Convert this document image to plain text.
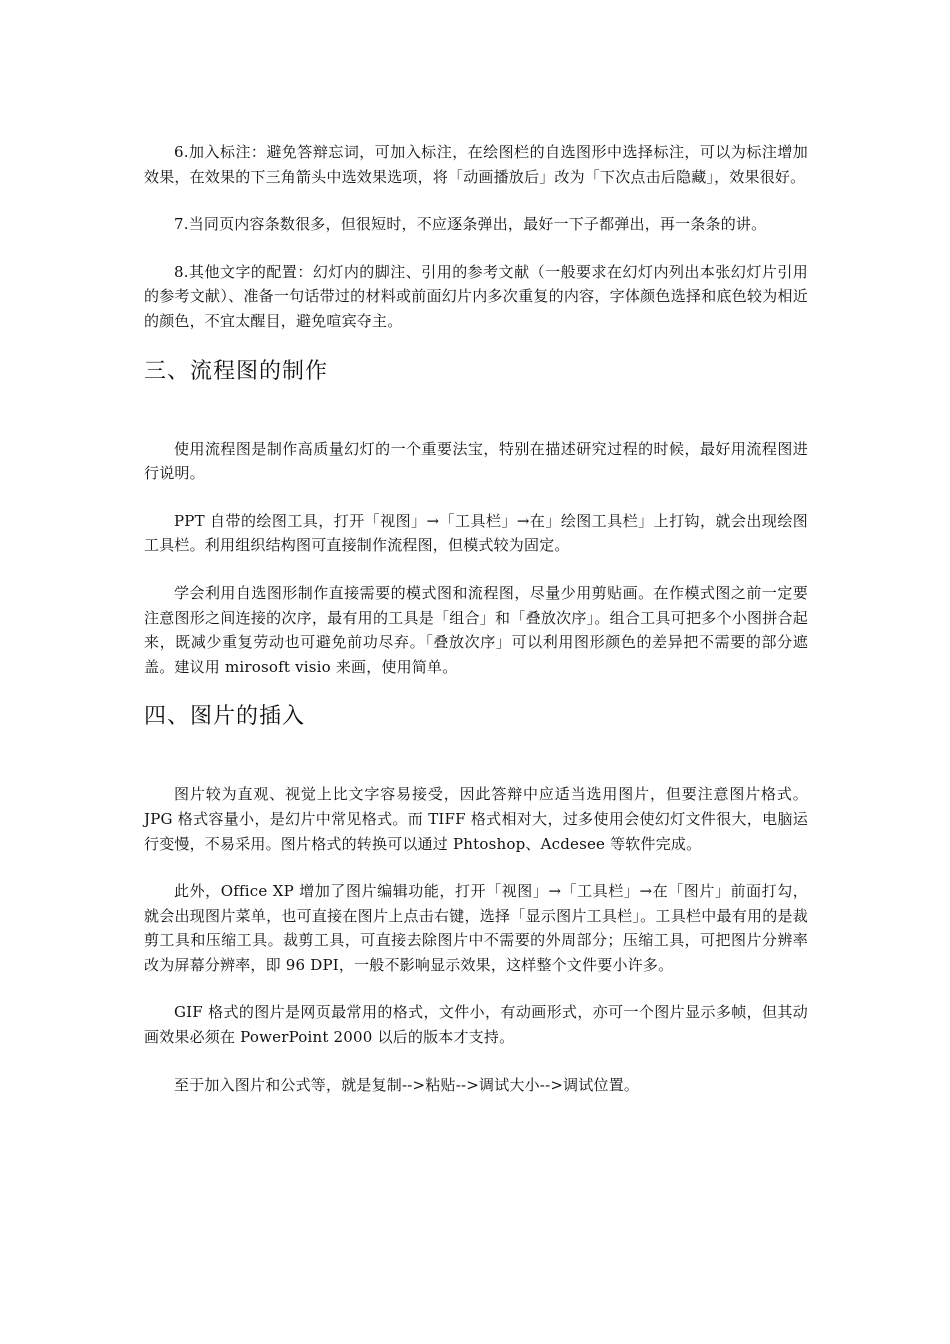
6.加入标注：避免答辩忘词，可加入标注，在绘图栏的自选图形中选择标注，可以为标注增加效果，在效果的下三角箭头中选效果选项，将「动画播放后」改为「下次点击后隐藏」，效果很好。

7.当同页内容条数很多，但很短时，不应逐条弹出，最好一下子都弹出，再一条条的讲。

8.其他文字的配置：幻灯内的脚注、引用的参考文献（一般要求在幻灯内列出本张幻灯片引用的参考文献）、准备一句话带过的材料或前面幻片内多次重复的内容，字体颜色选择和底色较为相近的颜色，不宜太醒目，避免喧宾夺主。

三、流程图的制作

使用流程图是制作高质量幻灯的一个重要法宝，特别在描述研究过程的时候，最好用流程图进行说明。

PPT 自带的绘图工具，打开「视图」→「工具栏」→在」绘图工具栏」上打钩，就会出现绘图工具栏。利用组织结构图可直接制作流程图，但模式较为固定。

学会利用自选图形制作直接需要的模式图和流程图，尽量少用剪贴画。在作模式图之前一定要注意图形之间连接的次序，最有用的工具是「组合」和「叠放次序」。组合工具可把多个小图拼合起来，既减少重复劳动也可避免前功尽弃。「叠放次序」可以利用图形颜色的差异把不需要的部分遮盖。建议用 mirosoft visio 来画，使用简单。

四、图片的插入

图片较为直观、视觉上比文字容易接受，因此答辩中应适当选用图片，但要注意图片格式。JPG 格式容量小，是幻片中常见格式。而 TIFF 格式相对大，过多使用会使幻灯文件很大，电脑运行变慢，不易采用。图片格式的转换可以通过 Phtoshop、Acdesee 等软件完成。

此外，Office XP 增加了图片编辑功能，打开「视图」→「工具栏」→在「图片」前面打勾，就会出现图片菜单，也可直接在图片上点击右键，选择「显示图片工具栏」。工具栏中最有用的是裁剪工具和压缩工具。裁剪工具，可直接去除图片中不需要的外周部分；压缩工具，可把图片分辨率改为屏幕分辨率，即 96 DPI，一般不影响显示效果，这样整个文件要小许多。

GIF 格式的图片是网页最常用的格式，文件小，有动画形式，亦可一个图片显示多帧，但其动画效果必须在 PowerPoint 2000 以后的版本才支持。

至于加入图片和公式等，就是复制-->粘贴-->调试大小-->调试位置。
